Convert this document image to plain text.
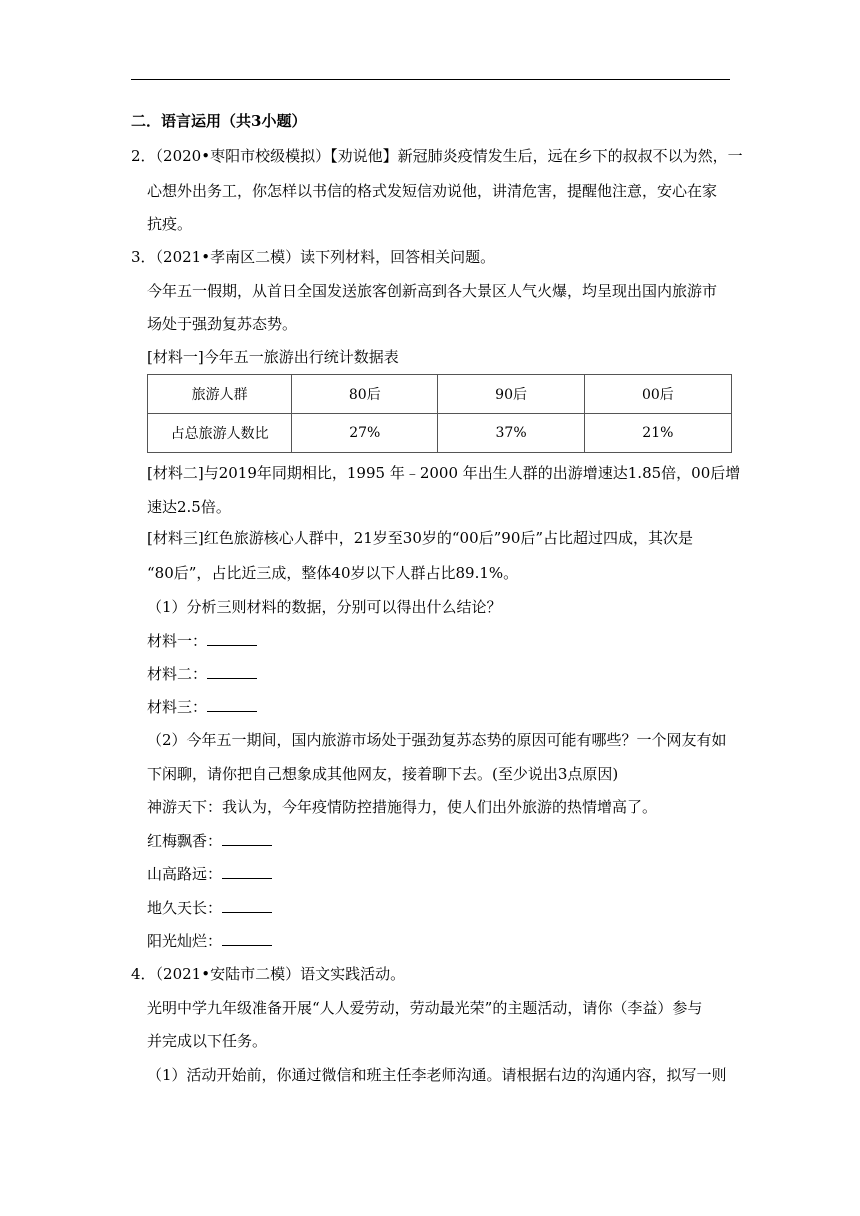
二．语言运用（共3小题）
2．（2020•枣阳市校级模拟）【劝说他】新冠肺炎疫情发生后，远在乡下的叔叔不以为然，一
心想外出务工，你怎样以书信的格式发短信劝说他，讲清危害，提醒他注意，安心在家
抗疫。
3．（2021•孝南区二模）读下列材料，回答相关问题。
今年五一假期，从首日全国发送旅客创新高到各大景区人气火爆，均呈现出国内旅游市
场处于强劲复苏态势。
[材料一]今年五一旅游出行统计数据表
旅游人群	80后	90后	00后
占总旅游人数比	27%	37%	21%
[材料二]与2019年同期相比，1995 年﹣2000 年出生人群的出游增速达1.85倍，00后增
速达2.5倍。
[材料三]红色旅游核心人群中，21岁至30岁的“00后”90后”占比超过四成，其次是
“80后”，占比近三成，整体40岁以下人群占比89.1%。
（1）分析三则材料的数据，分别可以得出什么结论？
材料一：
材料二：
材料三：
（2）今年五一期间，国内旅游市场处于强劲复苏态势的原因可能有哪些？一个网友有如
下闲聊，请你把自己想象成其他网友，接着聊下去。(至少说出3点原因)
神游天下：我认为，今年疫情防控措施得力，使人们出外旅游的热情增高了。
红梅飘香：
山高路远：
地久天长：
阳光灿烂：
4．（2021•安陆市二模）语文实践活动。
光明中学九年级准备开展“人人爱劳动，劳动最光荣”的主题活动，请你（李益）参与
并完成以下任务。
（1）活动开始前，你通过微信和班主任李老师沟通。请根据右边的沟通内容，拟写一则
